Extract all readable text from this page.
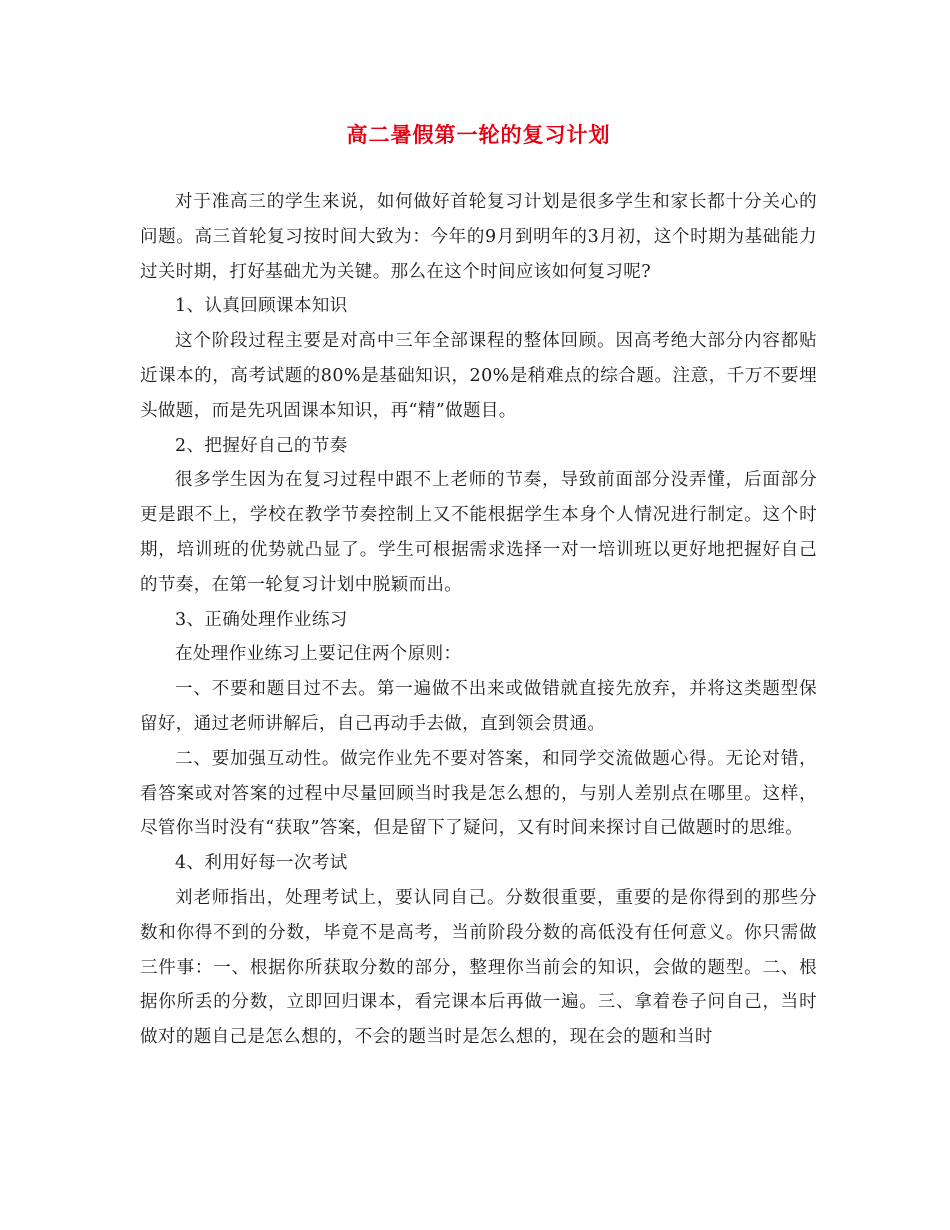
高二暑假第一轮的复习计划

对于准高三的学生来说，如何做好首轮复习计划是很多学生和家长都十分关心的问题。高三首轮复习按时间大致为：今年的9月到明年的3月初，这个时期为基础能力过关时期，打好基础尤为关键。那么在这个时间应该如何复习呢?

1、认真回顾课本知识

这个阶段过程主要是对高中三年全部课程的整体回顾。因高考绝大部分内容都贴近课本的，高考试题的80%是基础知识，20%是稍难点的综合题。注意，千万不要埋头做题，而是先巩固课本知识，再“精”做题目。

2、把握好自己的节奏

很多学生因为在复习过程中跟不上老师的节奏，导致前面部分没弄懂，后面部分更是跟不上，学校在教学节奏控制上又不能根据学生本身个人情况进行制定。这个时期，培训班的优势就凸显了。学生可根据需求选择一对一培训班以更好地把握好自己的节奏，在第一轮复习计划中脱颖而出。

3、正确处理作业练习

在处理作业练习上要记住两个原则：

一、不要和题目过不去。第一遍做不出来或做错就直接先放弃，并将这类题型保留好，通过老师讲解后，自己再动手去做，直到领会贯通。

二、要加强互动性。做完作业先不要对答案，和同学交流做题心得。无论对错，看答案或对答案的过程中尽量回顾当时我是怎么想的，与别人差别点在哪里。这样，尽管你当时没有“获取”答案，但是留下了疑问，又有时间来探讨自己做题时的思维。

4、利用好每一次考试

刘老师指出，处理考试上，要认同自己。分数很重要，重要的是你得到的那些分数和你得不到的分数，毕竟不是高考，当前阶段分数的高低没有任何意义。你只需做三件事：一、根据你所获取分数的部分，整理你当前会的知识，会做的题型。二、根据你所丢的分数，立即回归课本，看完课本后再做一遍。三、拿着卷子问自己，当时做对的题自己是怎么想的，不会的题当时是怎么想的，现在会的题和当时
